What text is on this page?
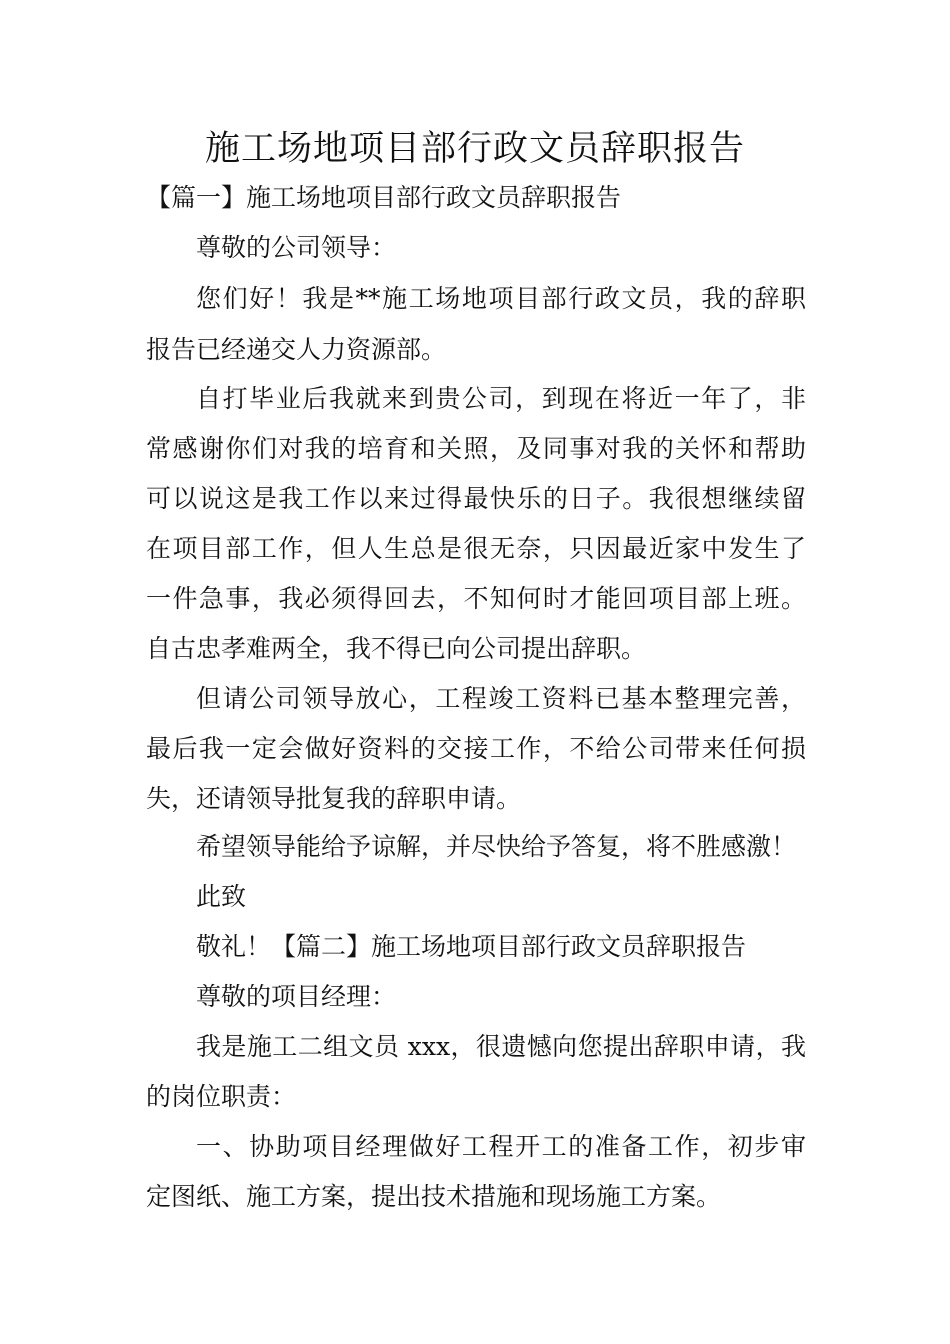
施工场地项目部行政文员辞职报告
【篇一】施工场地项目部行政文员辞职报告
尊敬的公司领导：
您们好！我是**施工场地项目部行政文员，我的辞职
报告已经递交人力资源部。
自打毕业后我就来到贵公司，到现在将近一年了，非
常感谢你们对我的培育和关照，及同事对我的关怀和帮助
可以说这是我工作以来过得最快乐的日子。我很想继续留
在项目部工作，但人生总是很无奈，只因最近家中发生了
一件急事，我必须得回去，不知何时才能回项目部上班。
自古忠孝难两全，我不得已向公司提出辞职。
但请公司领导放心，工程竣工资料已基本整理完善，
最后我一定会做好资料的交接工作，不给公司带来任何损
失，还请领导批复我的辞职申请。
希望领导能给予谅解，并尽快给予答复，将不胜感激！
此致
敬礼！【篇二】施工场地项目部行政文员辞职报告
尊敬的项目经理：
我是施工二组文员 xxx，很遗憾向您提出辞职申请，我
的岗位职责：
一、协助项目经理做好工程开工的准备工作，初步审
定图纸、施工方案，提出技术措施和现场施工方案。
